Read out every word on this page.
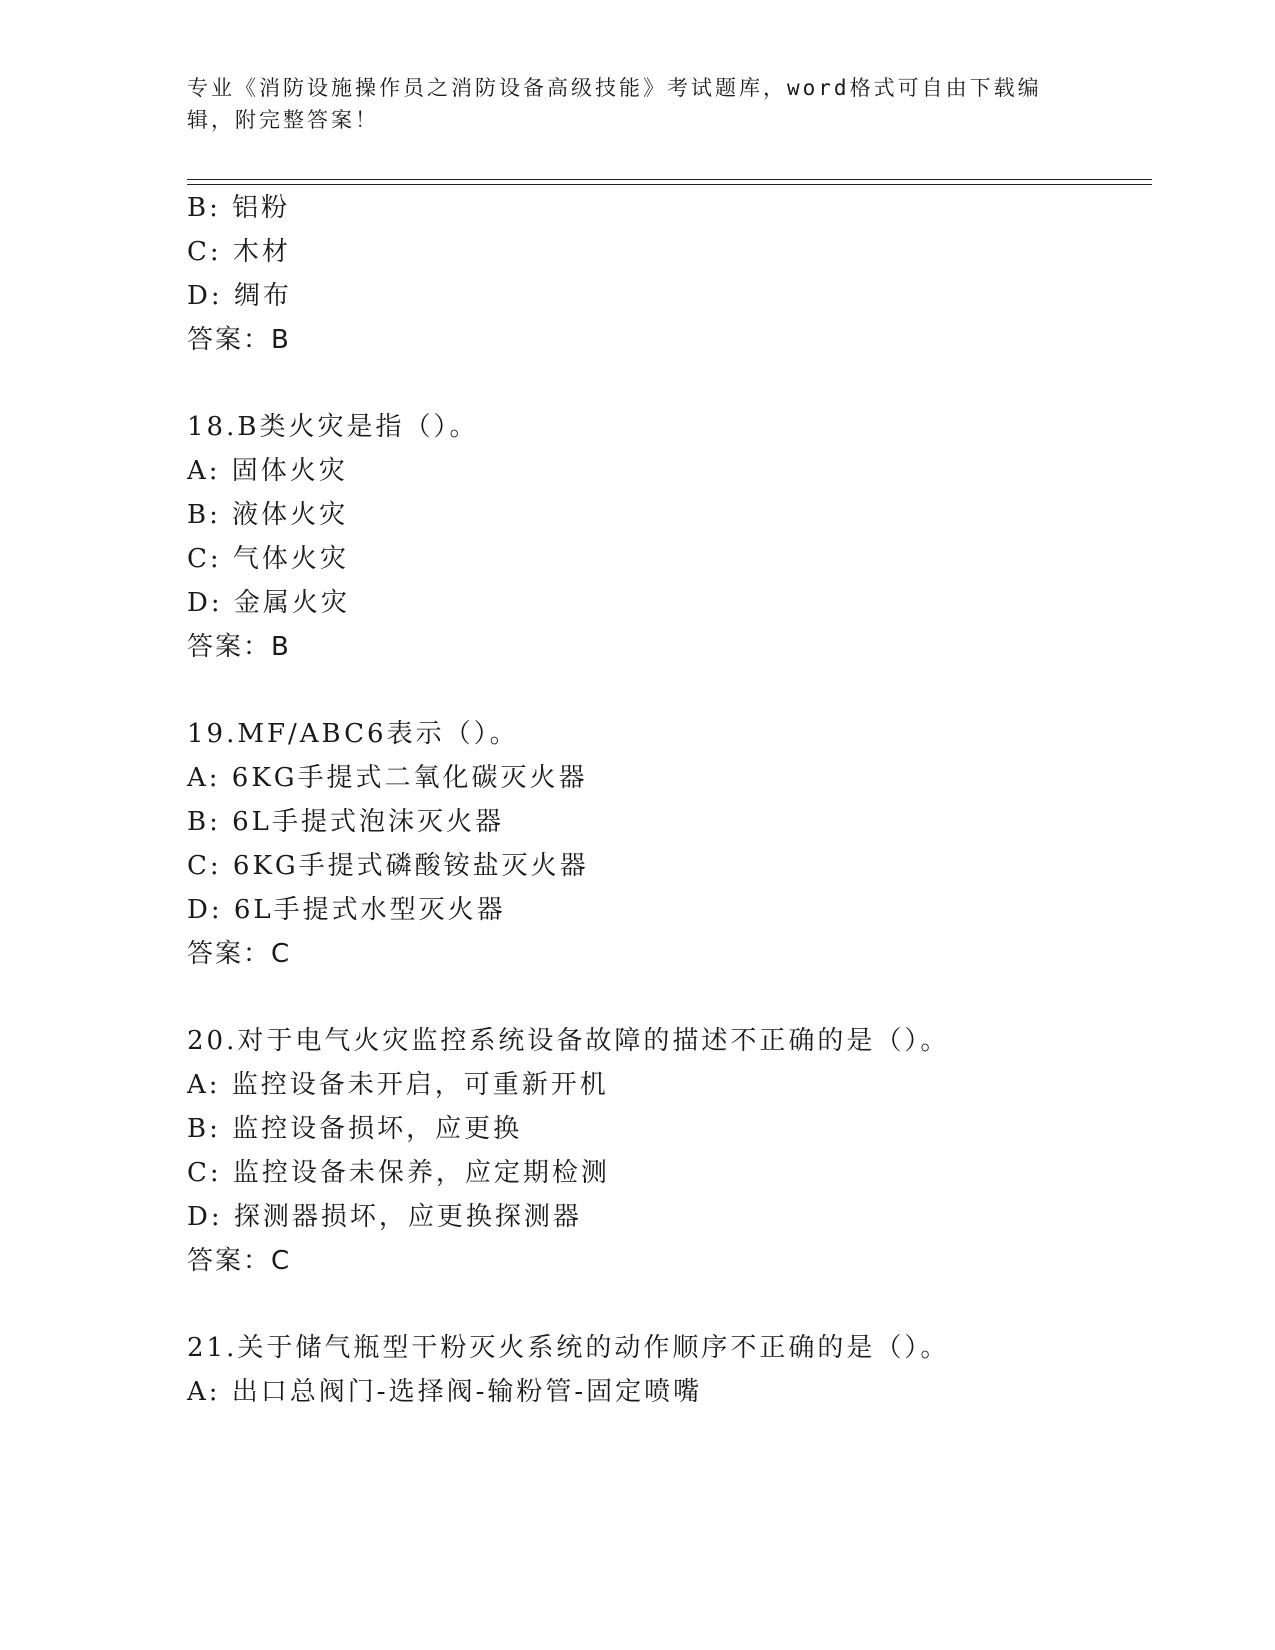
专业《消防设施操作员之消防设备高级技能》考试题库，word格式可自由下载编
辑，附完整答案！
B: 铝粉
C: 木材
D: 绸布
答案：B
18.B类火灾是指（）。
A: 固体火灾
B: 液体火灾
C: 气体火灾
D: 金属火灾
答案：B
19.MF/ABC6表示（）。
A: 6KG手提式二氧化碳灭火器
B: 6L手提式泡沫灭火器
C: 6KG手提式磷酸铵盐灭火器
D: 6L手提式水型灭火器
答案：C
20.对于电气火灾监控系统设备故障的描述不正确的是（）。
A: 监控设备未开启，可重新开机
B: 监控设备损坏，应更换
C: 监控设备未保养，应定期检测
D: 探测器损坏，应更换探测器
答案：C
21.关于储气瓶型干粉灭火系统的动作顺序不正确的是（）。
A: 出口总阀门-选择阀-输粉管-固定喷嘴
